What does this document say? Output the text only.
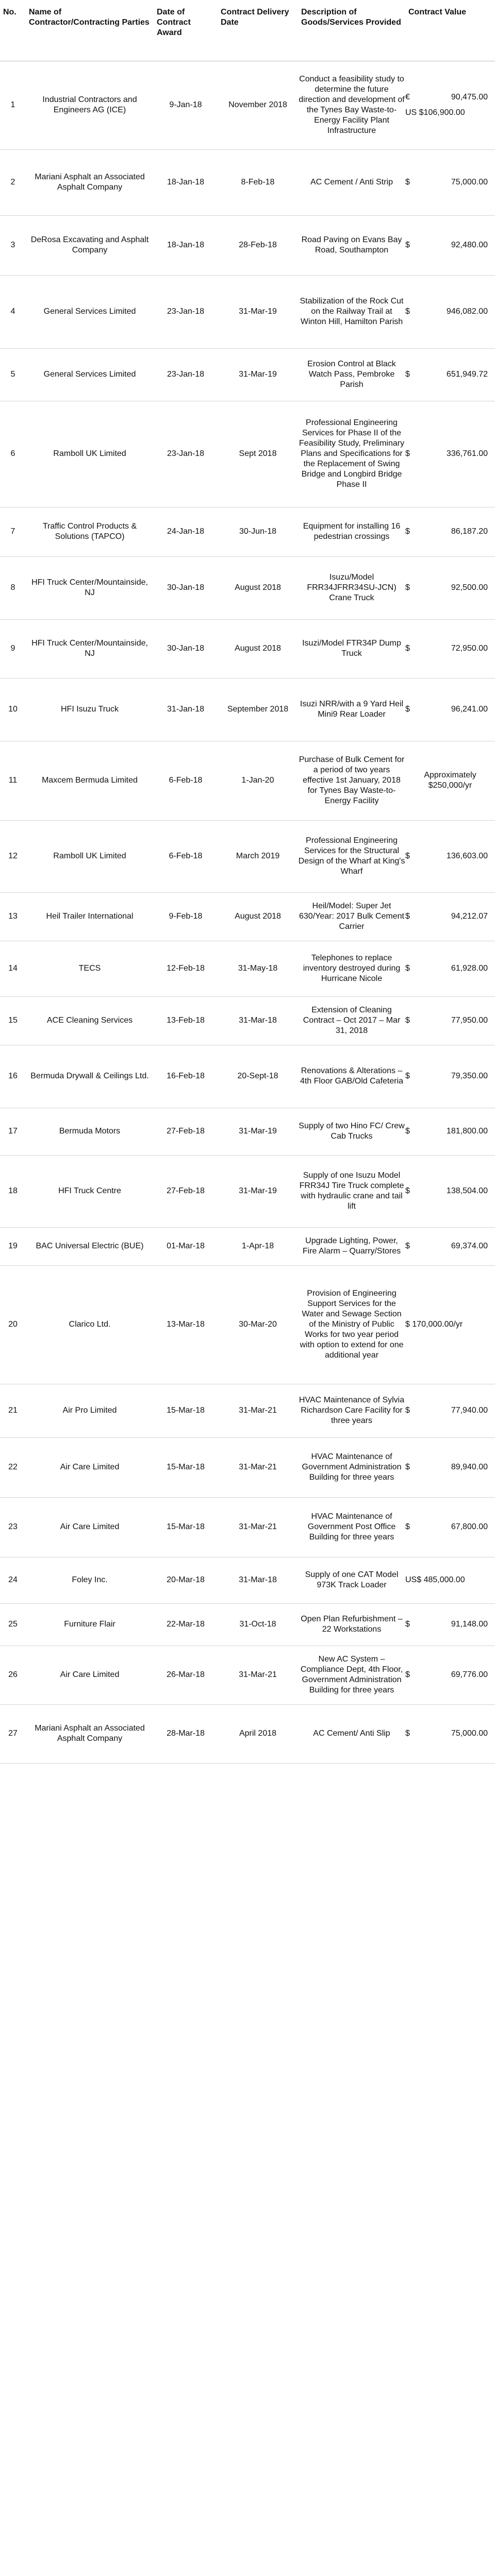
No.	Name of Contractor/Contracting Parties	Date of Contract Award	Contract Delivery Date	Description of Goods/Services Provided	Contract Value
1	Industrial Contractors and Engineers AG (ICE)	9-Jan-18	November 2018	Conduct a feasibility study to determine the future direction and development of the Tynes Bay Waste-to-Energy Facility Plant Infrastructure	€ 90,475.00
US $106,900.00

2	Mariani Asphalt an Associated Asphalt Company	18-Jan-18	8-Feb-18	AC Cement / Anti Strip	$ 75,000.00

3	DeRosa Excavating and Asphalt Company	18-Jan-18	28-Feb-18	Road Paving on Evans Bay Road, Southampton	$ 92,480.00

4	General Services Limited	23-Jan-18	31-Mar-19	Stabilization of the Rock Cut on the Railway Trail at Winton Hill, Hamilton Parish	$ 946,082.00

5	General Services Limited	23-Jan-18	31-Mar-19	Erosion Control at Black Watch Pass, Pembroke Parish	$ 651,949.72

6	Ramboll UK Limited	23-Jan-18	Sept 2018	Professional Engineering Services for Phase II of the Feasibility Study, Preliminary Plans and Specifications for the Replacement of Swing Bridge and Longbird Bridge Phase II	$ 336,761.00

7	Traffic Control Products & Solutions (TAPCO)	24-Jan-18	30-Jun-18	Equipment for installing 16 pedestrian crossings	$ 86,187.20

8	HFI Truck Center/Mountainside, NJ	30-Jan-18	August 2018	Isuzu/Model FRR34JFRR34SU-JCN) Crane Truck	$ 92,500.00

9	HFI Truck Center/Mountainside, NJ	30-Jan-18	August 2018	Isuzi/Model FTR34P Dump Truck	$ 72,950.00

10	HFI Isuzu Truck	31-Jan-18	September 2018	Isuzi NRR/with a 9 Yard Heil Mini9 Rear Loader	$ 96,241.00

11	Maxcem Bermuda Limited	6-Feb-18	1-Jan-20	Purchase of Bulk Cement for a period of two years effective 1st January, 2018 for Tynes Bay Waste-to-Energy Facility	Approximately $250,000/yr

12	Ramboll UK Limited	6-Feb-18	March 2019	Professional Engineering Services for the Structural Design of the Wharf at King's Wharf	$ 136,603.00

13	Heil Trailer International	9-Feb-18	August 2018	Heil/Model: Super Jet 630/Year: 2017 Bulk Cement Carrier	$ 94,212.07

14	TECS	12-Feb-18	31-May-18	Telephones to replace inventory destroyed during Hurricane Nicole	$ 61,928.00

15	ACE Cleaning Services	13-Feb-18	31-Mar-18	Extension of Cleaning Contract – Oct 2017 – Mar 31, 2018	$ 77,950.00

16	Bermuda Drywall & Ceilings Ltd.	16-Feb-18	20-Sept-18	Renovations & Alterations – 4th Floor GAB/Old Cafeteria	$ 79,350.00

17	Bermuda Motors	27-Feb-18	31-Mar-19	Supply of two Hino FC/ Crew Cab Trucks	$ 181,800.00

18	HFI Truck Centre	27-Feb-18	31-Mar-19	Supply of one Isuzu Model FRR34J Tire Truck complete with hydraulic crane and tail lift	$ 138,504.00

19	BAC Universal Electric (BUE)	01-Mar-18	1-Apr-18	Upgrade Lighting, Power, Fire Alarm – Quarry/Stores	$ 69,374.00

20	Clarico Ltd.	13-Mar-18	30-Mar-20	Provision of Engineering Support Services for the Water and Sewage Section of the Ministry of Public Works for two year period with option to extend for one additional year	$ 170,000.00/yr

21	Air Pro Limited	15-Mar-18	31-Mar-21	HVAC Maintenance of Sylvia Richardson Care Facility for three years	$ 77,940.00

22	Air Care Limited	15-Mar-18	31-Mar-21	HVAC Maintenance of Government Administration Building for three years	$ 89,940.00

23	Air Care Limited	15-Mar-18	31-Mar-21	HVAC Maintenance of Government Post Office Building for three years	$ 67,800.00

24	Foley Inc.	20-Mar-18	31-Mar-18	Supply of one CAT Model 973K Track Loader	US$ 485,000.00

25	Furniture Flair	22-Mar-18	31-Oct-18	Open Plan Refurbishment – 22 Workstations	$ 91,148.00

26	Air Care Limited	26-Mar-18	31-Mar-21	New AC System – Compliance Dept, 4th Floor, Government Administration Building for three years	$ 69,776.00

27	Mariani Asphalt an Associated Asphalt Company	28-Mar-18	April 2018	AC Cement/ Anti Slip	$ 75,000.00
